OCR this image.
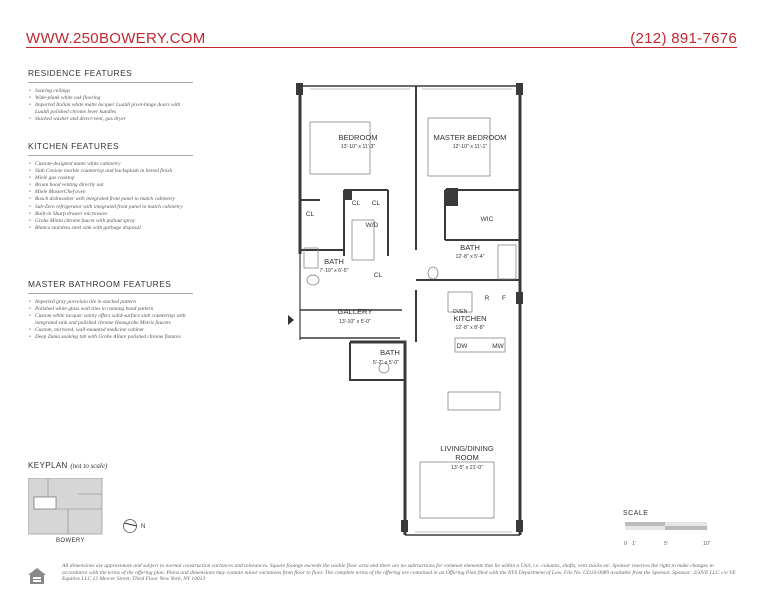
WWW.250BOWERY.COM	(212) 891-7676
RESIDENCE FEATURES
• Soaring ceilings
• Wide-plank white oak flooring
• Imported Italian white matte lacquer Lualdi pivot-hinge doors with Lualdi polished chrome lever handles
• Stacked washer and direct-vent, gas dryer
KITCHEN FEATURES
• Custom-designed matte white cabinetry
• Slab Ceniote marble countertop and backsplash in honed finish
• Miele gas cooktop
• Broan hood venting directly out
• Miele MasterChef oven
• Bosch dishwasher with integrated front panel to match cabinetry
• Sub-Zero refrigerator with integrated front panel to match cabinetry
• Built-in Sharp drawer microwave
• Grohe Minta chrome faucet with pullout spray
• Blanco stainless steel sink with garbage disposal
MASTER BATHROOM FEATURES
• Imported gray porcelain tile in stacked pattern
• Polished white glass wall tiles in running bond pattern
• Custom white lacquer vanity offers solid-surface slab countertop with integrated sink and polished chrome Hansgrohe Metris faucets
• Custom, mirrored, wall-mounted medicine cabinet
• Deep Zuma soaking tub with Grohe Allure polished chrome fixtures
KEYPLAN (not to scale)
BOWERY
N
BEDROOM
13'-10" x 11'-3"
MASTER BEDROOM
12'-10" x 11'-1"
BATH
7'-10" x 6'-5"
BATH
12'-8" x 5'-4"
GALLERY
13'-10" x 5'-0"	KITCHEN
12'-8" x 8'-8"
BATH
5'-2" x 5'-0"
LIVING/DINING
ROOM
13'-5" x 21'-0"
CL
CL CL
CL
W/D
WIC
OVEN
R F
DW	MW
SCALE
0 1'	5'	10'
All dimensions are approximate and subject to normal construction variances and tolerances. Square footage exceeds the usable floor area and there are no subtractions for common elements that lie within a Unit, i.e. columns, shafts, vent stacks etc. Sponsor reserves the right to make changes in accordance with the terms of the offering plan. Plans and dimensions may contain minor variations from floor to floor. The complete terms of the offering are contained in an Offering Plan filed with the NYS Department of Law, File No. CD10-0089 available from the Sponsor. Sponsor: 250VE LLC c/o VE Equities LLC 12 Mercer Street, Third Floor New York, NY 10013
